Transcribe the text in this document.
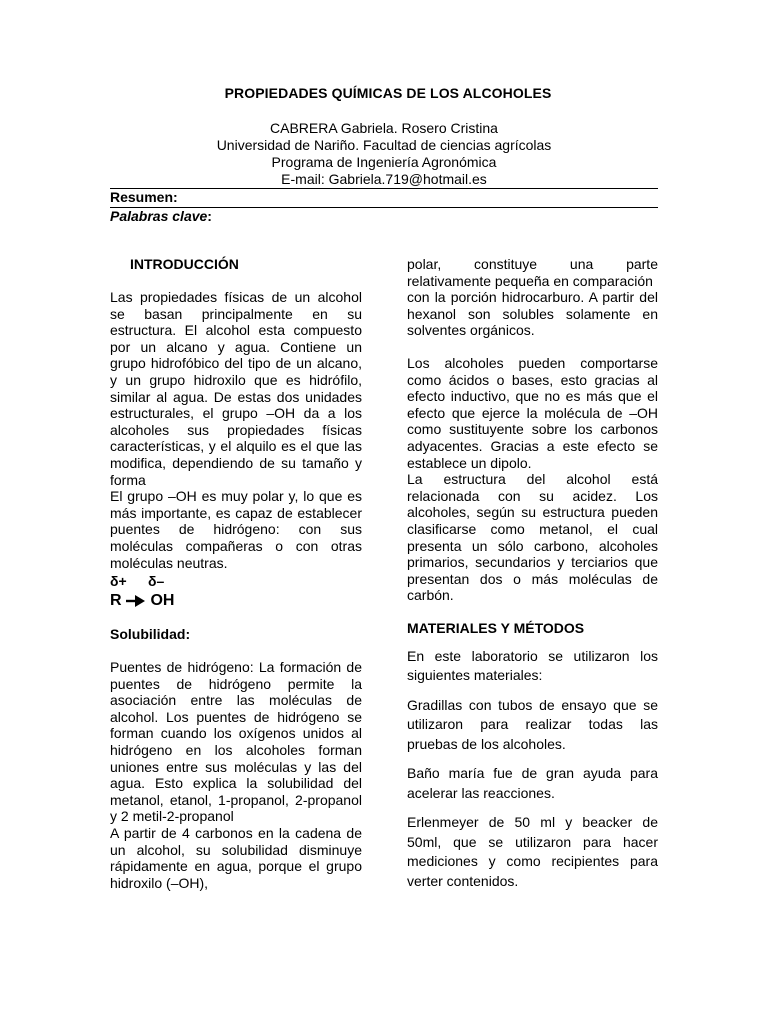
PROPIEDADES QUÍMICAS DE LOS ALCOHOLES
CABRERA Gabriela. Rosero Cristina
Universidad de Nariño. Facultad de ciencias agrícolas
Programa de Ingeniería Agronómica
E-mail: Gabriela.719@hotmail.es
Resumen:
Palabras clave:
INTRODUCCIÓN
Las propiedades físicas de un alcohol se basan principalmente en su estructura. El alcohol esta compuesto por un alcano y agua. Contiene un grupo hidrofóbico del tipo de un alcano, y un grupo hidroxilo que es hidrófilo, similar al agua. De estas dos unidades estructurales, el grupo –OH da a los alcoholes sus propiedades físicas características, y el alquilo es el que las modifica, dependiendo de su tamaño y forma
El grupo –OH es muy polar y, lo que es más importante, es capaz de establecer puentes de hidrógeno: con sus moléculas compañeras o con otras moléculas neutras.
δ+ δ–
R OH
Solubilidad:
Puentes de hidrógeno: La formación de puentes de hidrógeno permite la asociación entre las moléculas de alcohol. Los puentes de hidrógeno se forman cuando los oxígenos unidos al hidrógeno en los alcoholes forman uniones entre sus moléculas y las del agua. Esto explica la solubilidad del metanol, etanol, 1-propanol, 2-propanol y 2 metil-2-propanol
A partir de 4 carbonos en la cadena de un alcohol, su solubilidad disminuye rápidamente en agua, porque el grupo hidroxilo (–OH),
polar, constituye una parte relativamente pequeña en comparación
con la porción hidrocarburo. A partir del hexanol son solubles solamente en solventes orgánicos.
Los alcoholes pueden comportarse como ácidos o bases, esto gracias al efecto inductivo, que no es más que el efecto que ejerce la molécula de –OH como sustituyente sobre los carbonos adyacentes. Gracias a este efecto se establece un dipolo.
La estructura del alcohol está relacionada con su acidez. Los alcoholes, según su estructura pueden clasificarse como metanol, el cual presenta un sólo carbono, alcoholes primarios, secundarios y terciarios que presentan dos o más moléculas de carbón.
MATERIALES Y MÉTODOS
En este laboratorio se utilizaron los siguientes materiales:
Gradillas con tubos de ensayo que se utilizaron para realizar todas las pruebas de los alcoholes.
Baño maría fue de gran ayuda para acelerar las reacciones.
Erlenmeyer de 50 ml y beacker de 50ml, que se utilizaron para hacer mediciones y como recipientes para verter contenidos.
